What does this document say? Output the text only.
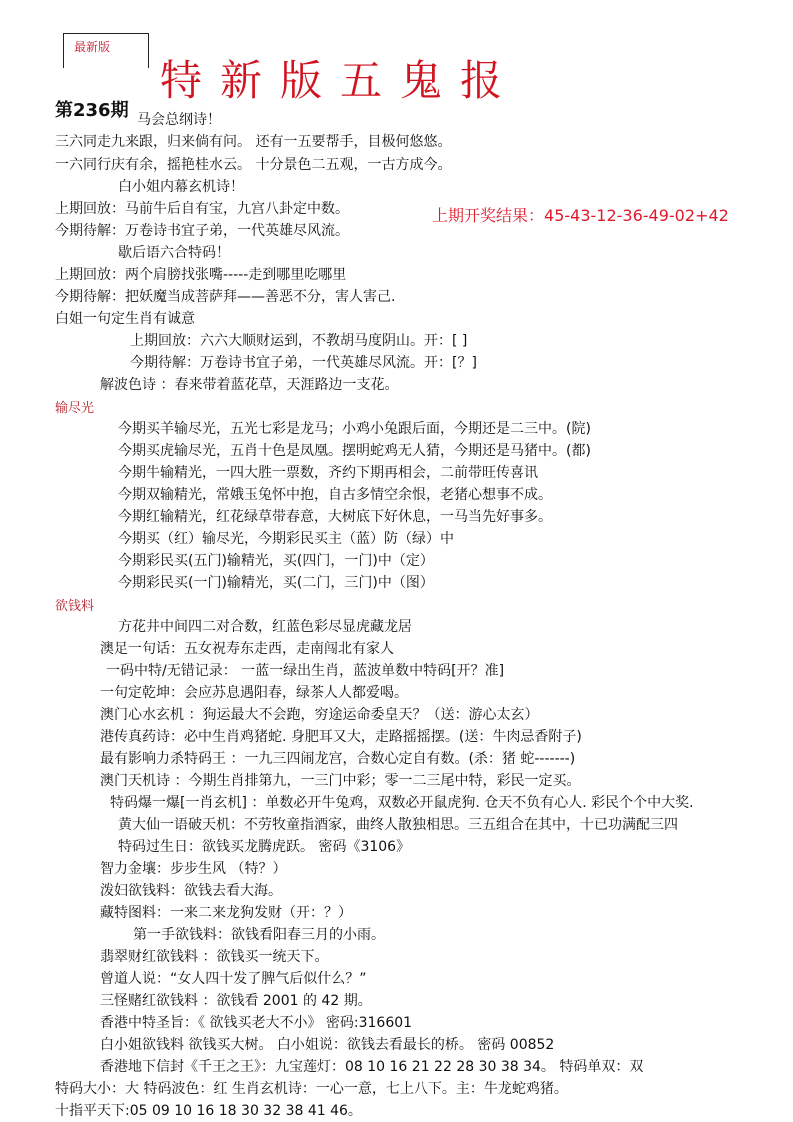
最新版
特新版五鬼报
第236期
上期开奖结果：45-43-12-36-49-02+42
马会总纲诗！
三六同走九来跟，归来倘有问。 还有一五要帮手，目极何悠悠。
一六同行庆有余，摇艳桂水云。 十分景色二五观，一古方成今。
白小姐内幕玄机诗！
上期回放：马前牛后自有宝，九宫八卦定中数。
今期待解：万卷诗书宜子弟，一代英雄尽风流。
歇后语六合特码！
上期回放：两个肩膀找张嘴-----走到哪里吃哪里
今期待解：把妖魔当成菩萨拜——善恶不分，害人害己.
白姐一句定生肖有诚意
上期回放：六六大顺财运到，不教胡马度阴山。开：[ ]
今期待解：万卷诗书宜子弟，一代英雄尽风流。开：[？]
解波色诗 ：春来带着蓝花草，天涯路边一支花。
输尽光
今期买羊输尽光，五光七彩是龙马；小鸡小兔跟后面，今期还是二三中。(院)
今期买虎输尽光，五肖十色是凤凰。摆明蛇鸡无人猜，今期还是马猪中。(都)
今期牛输精光，一四大胜一票数，齐约下期再相会，二前带旺传喜讯
今期双输精光，常娥玉兔怀中抱，自古多情空余恨，老猪心想事不成。
今期红输精光，红花绿草带春意，大树底下好休息，一马当先好事多。
今期买（红）输尽光，今期彩民买主（蓝）防（绿）中
今期彩民买(五门)输精光，买(四门，一门)中（定）
今期彩民买(一门)输精光，买(二门，三门)中（图）
欲钱料
方花井中间四二对合数，红蓝色彩尽显虎藏龙居
澳足一句话：五女祝寿东走西，走南闯北有家人
一码中特/无错记录： 一蓝一绿出生肖，蓝波单数中特码[开？准]
一句定乾坤：会应苏息遇阳春，绿茶人人都爱喝。
澳门心水玄机 ：狗运最大不会跑，穷途运命委皇天？（送：游心太玄）
港传真药诗：必中生肖鸡猪蛇. 身肥耳又大，走路摇摇摆。(送：牛肉忌香附子)
最有影响力杀特码王 ：一九三四闹龙宫，合数心定自有数。(杀：猪 蛇-------)
澳门天机诗 ：今期生肖排第九，一三门中彩；零一二三尾中特，彩民一定买。
特码爆一爆[一肖玄机] ：单数必开牛兔鸡，双数必开鼠虎狗. 仓天不负有心人. 彩民个个中大奖.
黄大仙一语破天机：不劳牧童指酒家，曲终人散独相思。三五组合在其中，十已功满配三四
特码过生日：欲钱买龙腾虎跃。 密码《3106》
智力金壤：步步生风 （特？）
泼妇欲钱料：欲钱去看大海。
藏特图料：一来二来龙狗发财（开：？）
第一手欲钱料：欲钱看阳春三月的小雨。
翡翠财红欲钱料 ：欲钱买一统天下。
曾道人说：“女人四十发了脾气后似什么？”
三怪赌红欲钱料 ：欲钱看 2001 的 42 期。
香港中特圣旨：《 欲钱买老大不小》 密码:316601
白小姐欲钱料 欲钱买大树。 白小姐说：欲钱去看最长的桥。 密码 00852
香港地下信封《千王之王》：九宝莲灯：08 10 16 21 22 28 30 38 34。 特码单双：双
特码大小：大 特码波色：红 生肖玄机诗：一心一意，七上八下。主：牛龙蛇鸡猪。
十指平天下:05 09 10 16 18 30 32 38 41 46。
